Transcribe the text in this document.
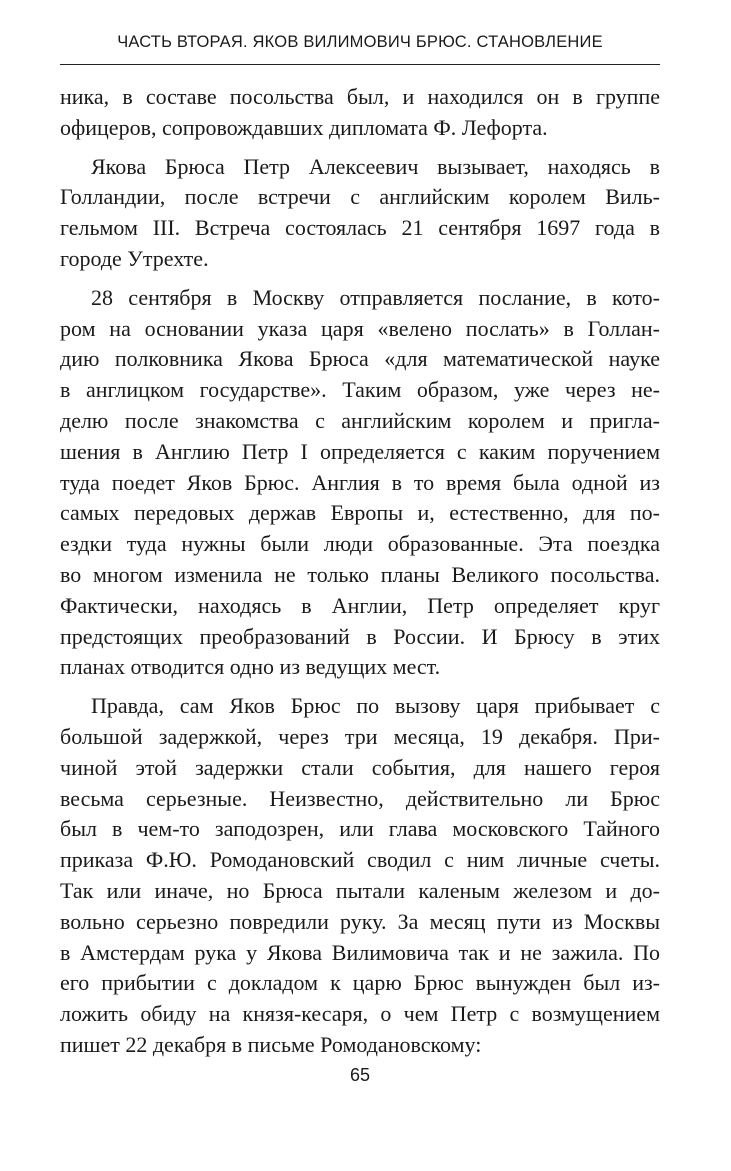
ЧАСТЬ ВТОРАЯ. ЯКОВ ВИЛИМОВИЧ БРЮС. СТАНОВЛЕНИЕ
ника, в составе посольства был, и находился он в группе
офицеров, сопровождавших дипломата Ф. Лефорта.
Якова Брюса Петр Алексеевич вызывает, находясь в
Голландии, после встречи с английским королем Виль-
гельмом III. Встреча состоялась 21 сентября 1697 года в
городе Утрехте.
28 сентября в Москву отправляется послание, в кото-
ром на основании указа царя «велено послать» в Голлан-
дию полковника Якова Брюса «для математической науке
в англицком государстве». Таким образом, уже через не-
делю после знакомства с английским королем и пригла-
шения в Англию Петр I определяется с каким поручением
туда поедет Яков Брюс. Англия в то время была одной из
самых передовых держав Европы и, естественно, для по-
ездки туда нужны были люди образованные. Эта поездка
во многом изменила не только планы Великого посольства.
Фактически, находясь в Англии, Петр определяет круг
предстоящих преобразований в России. И Брюсу в этих
планах отводится одно из ведущих мест.
Правда, сам Яков Брюс по вызову царя прибывает с
большой задержкой, через три месяца, 19 декабря. При-
чиной этой задержки стали события, для нашего героя
весьма серьезные. Неизвестно, действительно ли Брюс
был в чем-то заподозрен, или глава московского Тайного
приказа Ф.Ю. Ромодановский сводил с ним личные счеты.
Так или иначе, но Брюса пытали каленым железом и до-
вольно серьезно повредили руку. За месяц пути из Москвы
в Амстердам рука у Якова Вилимовича так и не зажила. По
его прибытии с докладом к царю Брюс вынужден был из-
ложить обиду на князя-кесаря, о чем Петр с возмущением
пишет 22 декабря в письме Ромодановскому:
65
